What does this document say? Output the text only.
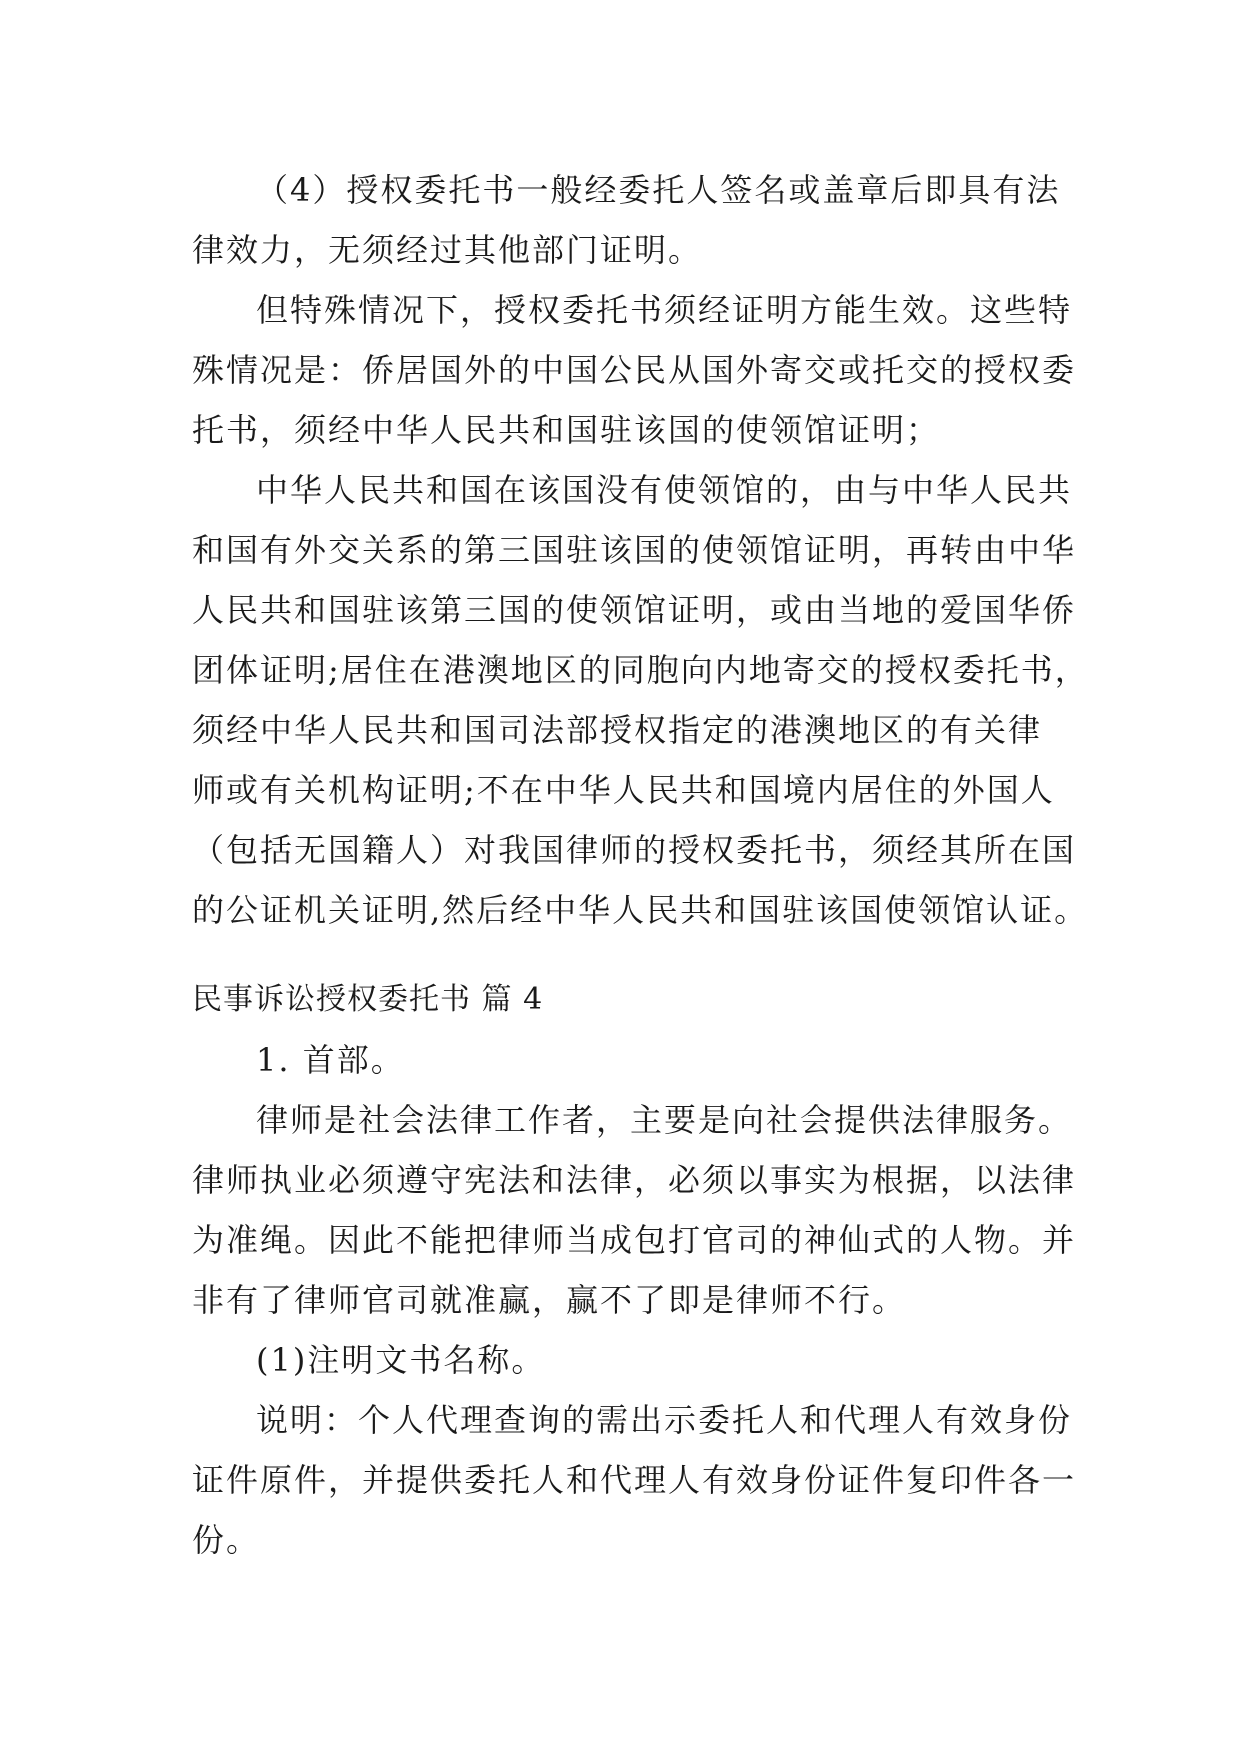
（4）授权委托书一般经委托人签名或盖章后即具有法
律效力，无须经过其他部门证明。
但特殊情况下，授权委托书须经证明方能生效。这些特
殊情况是：侨居国外的中国公民从国外寄交或托交的授权委
托书，须经中华人民共和国驻该国的使领馆证明；
中华人民共和国在该国没有使领馆的，由与中华人民共
和国有外交关系的第三国驻该国的使领馆证明，再转由中华
人民共和国驻该第三国的使领馆证明，或由当地的爱国华侨
团体证明;居住在港澳地区的同胞向内地寄交的授权委托书，
须经中华人民共和国司法部授权指定的港澳地区的有关律
师或有关机构证明;不在中华人民共和国境内居住的外国人
（包括无国籍人）对我国律师的授权委托书，须经其所在国
的公证机关证明,然后经中华人民共和国驻该国使领馆认证。
民事诉讼授权委托书 篇 4
1. 首部。
律师是社会法律工作者，主要是向社会提供法律服务。
律师执业必须遵守宪法和法律，必须以事实为根据，以法律
为准绳。因此不能把律师当成包打官司的神仙式的人物。并
非有了律师官司就准赢，赢不了即是律师不行。
(1)注明文书名称。
说明：个人代理查询的需出示委托人和代理人有效身份
证件原件，并提供委托人和代理人有效身份证件复印件各一
份。
